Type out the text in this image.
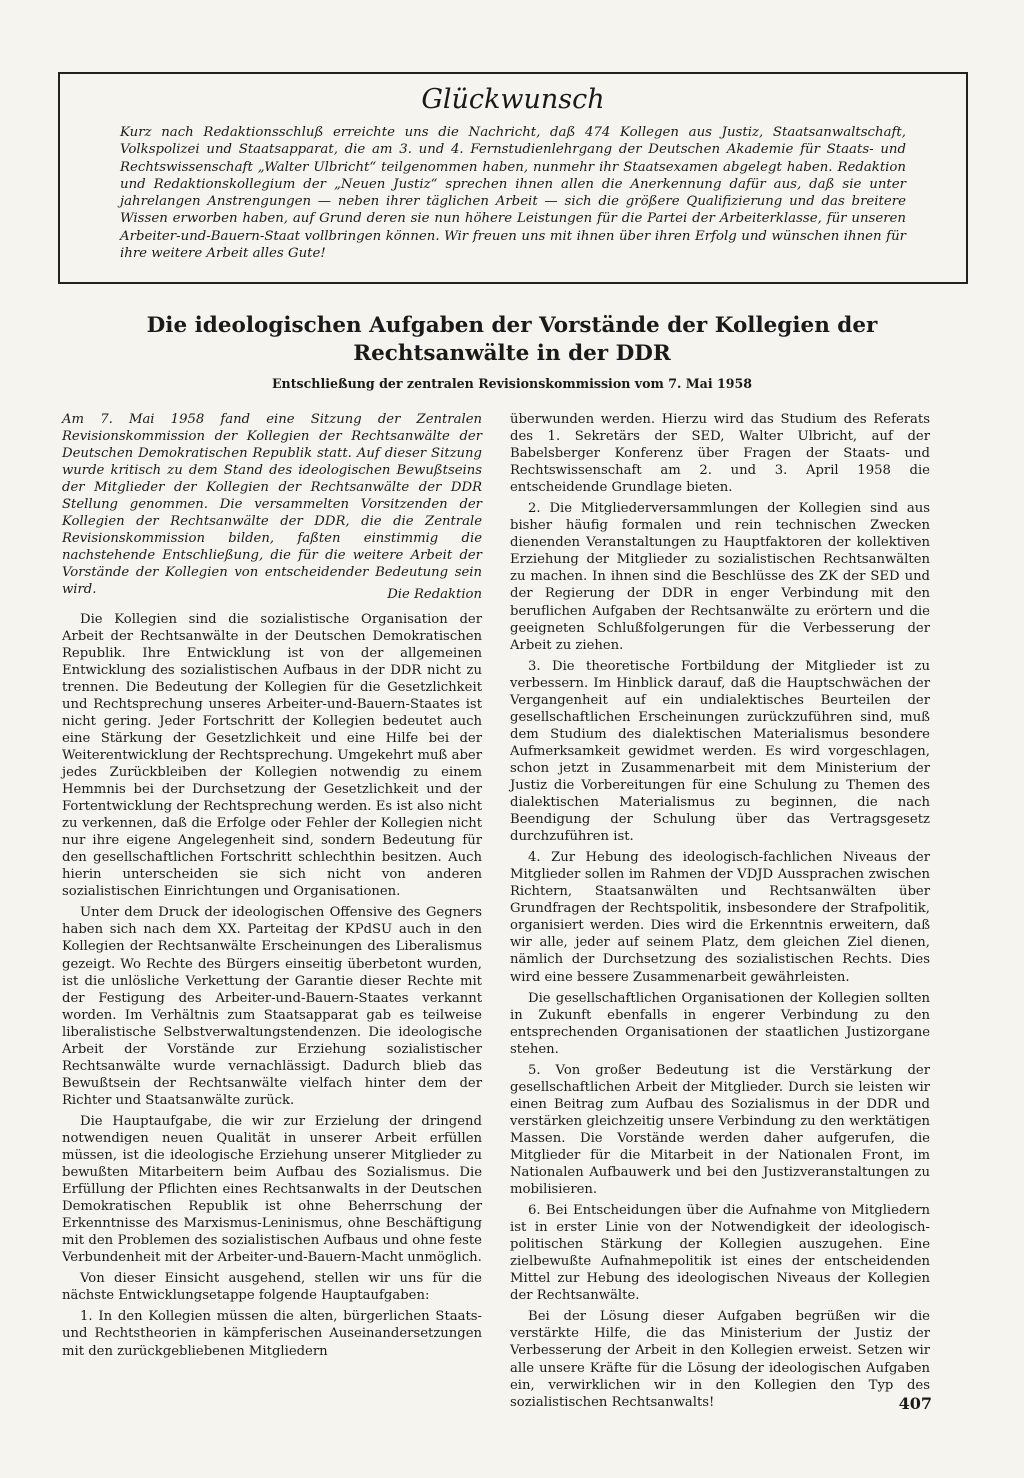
Glückwunsch
Kurz nach Redaktionsschluß erreichte uns die Nachricht, daß 474 Kollegen aus Justiz, Staatsanwaltschaft, Volkspolizei und Staatsapparat, die am 3. und 4. Fernstudienlehrgang der Deutschen Akademie für Staats- und Rechtswissenschaft „Walter Ulbricht“ teilgenommen haben, nunmehr ihr Staatsexamen abgelegt haben. Redaktion und Redaktionskollegium der „Neuen Justiz“ sprechen ihnen allen die Anerkennung dafür aus, daß sie unter jahrelangen Anstrengungen — neben ihrer täglichen Arbeit — sich die größere Qualifizierung und das breitere Wissen erworben haben, auf Grund deren sie nun höhere Leistungen für die Partei der Arbeiterklasse, für unseren Arbeiter-und-Bauern-Staat vollbringen können. Wir freuen uns mit ihnen über ihren Erfolg und wünschen ihnen für ihre weitere Arbeit alles Gute!
Die ideologischen Aufgaben der Vorstände der Kollegien der Rechtsanwälte in der DDR
Entschließung der zentralen Revisionskommission vom 7. Mai 1958

Am 7. Mai 1958 fand eine Sitzung der Zentralen Revisionskommission der Kollegien der Rechtsanwälte der Deutschen Demokratischen Republik statt. Auf dieser Sitzung wurde kritisch zu dem Stand des ideologischen Bewußtseins der Mitglieder der Kollegien der Rechtsanwälte der DDR Stellung genommen. Die versammelten Vorsitzenden der Kollegien der Rechtsanwälte der DDR, die die Zentrale Revisionskommission bilden, faßten einstimmig die nachstehende Entschließung, die für die weitere Arbeit der Vorstände der Kollegien von entscheidender Bedeutung sein wird.	Die Redaktion

Die Kollegien sind die sozialistische Organisation der Arbeit der Rechtsanwälte in der Deutschen Demokratischen Republik. Ihre Entwicklung ist von der allgemeinen Entwicklung des sozialistischen Aufbaus in der DDR nicht zu trennen. Die Bedeutung der Kollegien für die Gesetzlichkeit und Rechtsprechung unseres Arbeiter-und-Bauern-Staates ist nicht gering. Jeder Fortschritt der Kollegien bedeutet auch eine Stärkung der Gesetzlichkeit und eine Hilfe bei der Weiterentwicklung der Rechtsprechung. Umgekehrt muß aber jedes Zurückbleiben der Kollegien notwendig zu einem Hemmnis bei der Durchsetzung der Gesetzlichkeit und der Fortentwicklung der Rechtsprechung werden. Es ist also nicht zu verkennen, daß die Erfolge oder Fehler der Kollegien nicht nur ihre eigene Angelegenheit sind, sondern Bedeutung für den gesellschaftlichen Fortschritt schlechthin besitzen. Auch hierin unterscheiden sie sich nicht von anderen sozialistischen Einrichtungen und Organisationen.

Unter dem Druck der ideologischen Offensive des Gegners haben sich nach dem XX. Parteitag der KPdSU auch in den Kollegien der Rechtsanwälte Erscheinungen des Liberalismus gezeigt. Wo Rechte des Bürgers einseitig überbetont wurden, ist die unlösliche Verkettung der Garantie dieser Rechte mit der Festigung des Arbeiter-und-Bauern-Staates verkannt worden. Im Verhältnis zum Staatsapparat gab es teilweise liberalistische Selbstverwaltungstendenzen. Die ideologische Arbeit der Vorstände zur Erziehung sozialistischer Rechtsanwälte wurde vernachlässigt. Dadurch blieb das Bewußtsein der Rechtsanwälte vielfach hinter dem der Richter und Staatsanwälte zurück.

Die Hauptaufgabe, die wir zur Erzielung der dringend notwendigen neuen Qualität in unserer Arbeit erfüllen müssen, ist die ideologische Erziehung unserer Mitglieder zu bewußten Mitarbeitern beim Aufbau des Sozialismus. Die Erfüllung der Pflichten eines Rechtsanwalts in der Deutschen Demokratischen Republik ist ohne Beherrschung der Erkenntnisse des Marxismus-Leninismus, ohne Beschäftigung mit den Problemen des sozialistischen Aufbaus und ohne feste Verbundenheit mit der Arbeiter-und-Bauern-Macht unmöglich.

Von dieser Einsicht ausgehend, stellen wir uns für die nächste Entwicklungsetappe folgende Hauptaufgaben:

1. In den Kollegien müssen die alten, bürgerlichen Staats- und Rechtstheorien in kämpferischen Auseinandersetzungen mit den zurückgebliebenen Mitgliedern

überwunden werden. Hierzu wird das Studium des Referats des 1. Sekretärs der SED, Walter Ulbricht, auf der Babelsberger Konferenz über Fragen der Staats- und Rechtswissenschaft am 2. und 3. April 1958 die entscheidende Grundlage bieten.

2. Die Mitgliederversammlungen der Kollegien sind aus bisher häufig formalen und rein technischen Zwecken dienenden Veranstaltungen zu Hauptfaktoren der kollektiven Erziehung der Mitglieder zu sozialistischen Rechtsanwälten zu machen. In ihnen sind die Beschlüsse des ZK der SED und der Regierung der DDR in enger Verbindung mit den beruflichen Aufgaben der Rechtsanwälte zu erörtern und die geeigneten Schlußfolgerungen für die Verbesserung der Arbeit zu ziehen.

3. Die theoretische Fortbildung der Mitglieder ist zu verbessern. Im Hinblick darauf, daß die Hauptschwächen der Vergangenheit auf ein undialektisches Beurteilen der gesellschaftlichen Erscheinungen zurückzuführen sind, muß dem Studium des dialektischen Materialismus besondere Aufmerksamkeit gewidmet werden. Es wird vorgeschlagen, schon jetzt in Zusammenarbeit mit dem Ministerium der Justiz die Vorbereitungen für eine Schulung zu Themen des dialektischen Materialismus zu beginnen, die nach Beendigung der Schulung über das Vertragsgesetz durchzuführen ist.

4. Zur Hebung des ideologisch-fachlichen Niveaus der Mitglieder sollen im Rahmen der VDJD Aussprachen zwischen Richtern, Staatsanwälten und Rechtsanwälten über Grundfragen der Rechtspolitik, insbesondere der Strafpolitik, organisiert werden. Dies wird die Erkenntnis erweitern, daß wir alle, jeder auf seinem Platz, dem gleichen Ziel dienen, nämlich der Durchsetzung des sozialistischen Rechts. Dies wird eine bessere Zusammenarbeit gewährleisten.

Die gesellschaftlichen Organisationen der Kollegien sollten in Zukunft ebenfalls in engerer Verbindung zu den entsprechenden Organisationen der staatlichen Justizorgane stehen.

5. Von großer Bedeutung ist die Verstärkung der gesellschaftlichen Arbeit der Mitglieder. Durch sie leisten wir einen Beitrag zum Aufbau des Sozialismus in der DDR und verstärken gleichzeitig unsere Verbindung zu den werktätigen Massen. Die Vorstände werden daher aufgerufen, die Mitglieder für die Mitarbeit in der Nationalen Front, im Nationalen Aufbauwerk und bei den Justizveranstaltungen zu mobilisieren.

6. Bei Entscheidungen über die Aufnahme von Mitgliedern ist in erster Linie von der Notwendigkeit der ideologisch-politischen Stärkung der Kollegien auszugehen. Eine zielbewußte Aufnahmepolitik ist eines der entscheidenden Mittel zur Hebung des ideologischen Niveaus der Kollegien der Rechtsanwälte.

Bei der Lösung dieser Aufgaben begrüßen wir die verstärkte Hilfe, die das Ministerium der Justiz der Verbesserung der Arbeit in den Kollegien erweist. Setzen wir alle unsere Kräfte für die Lösung der ideologischen Aufgaben ein, verwirklichen wir in den Kollegien den Typ des sozialistischen Rechtsanwalts!	407
